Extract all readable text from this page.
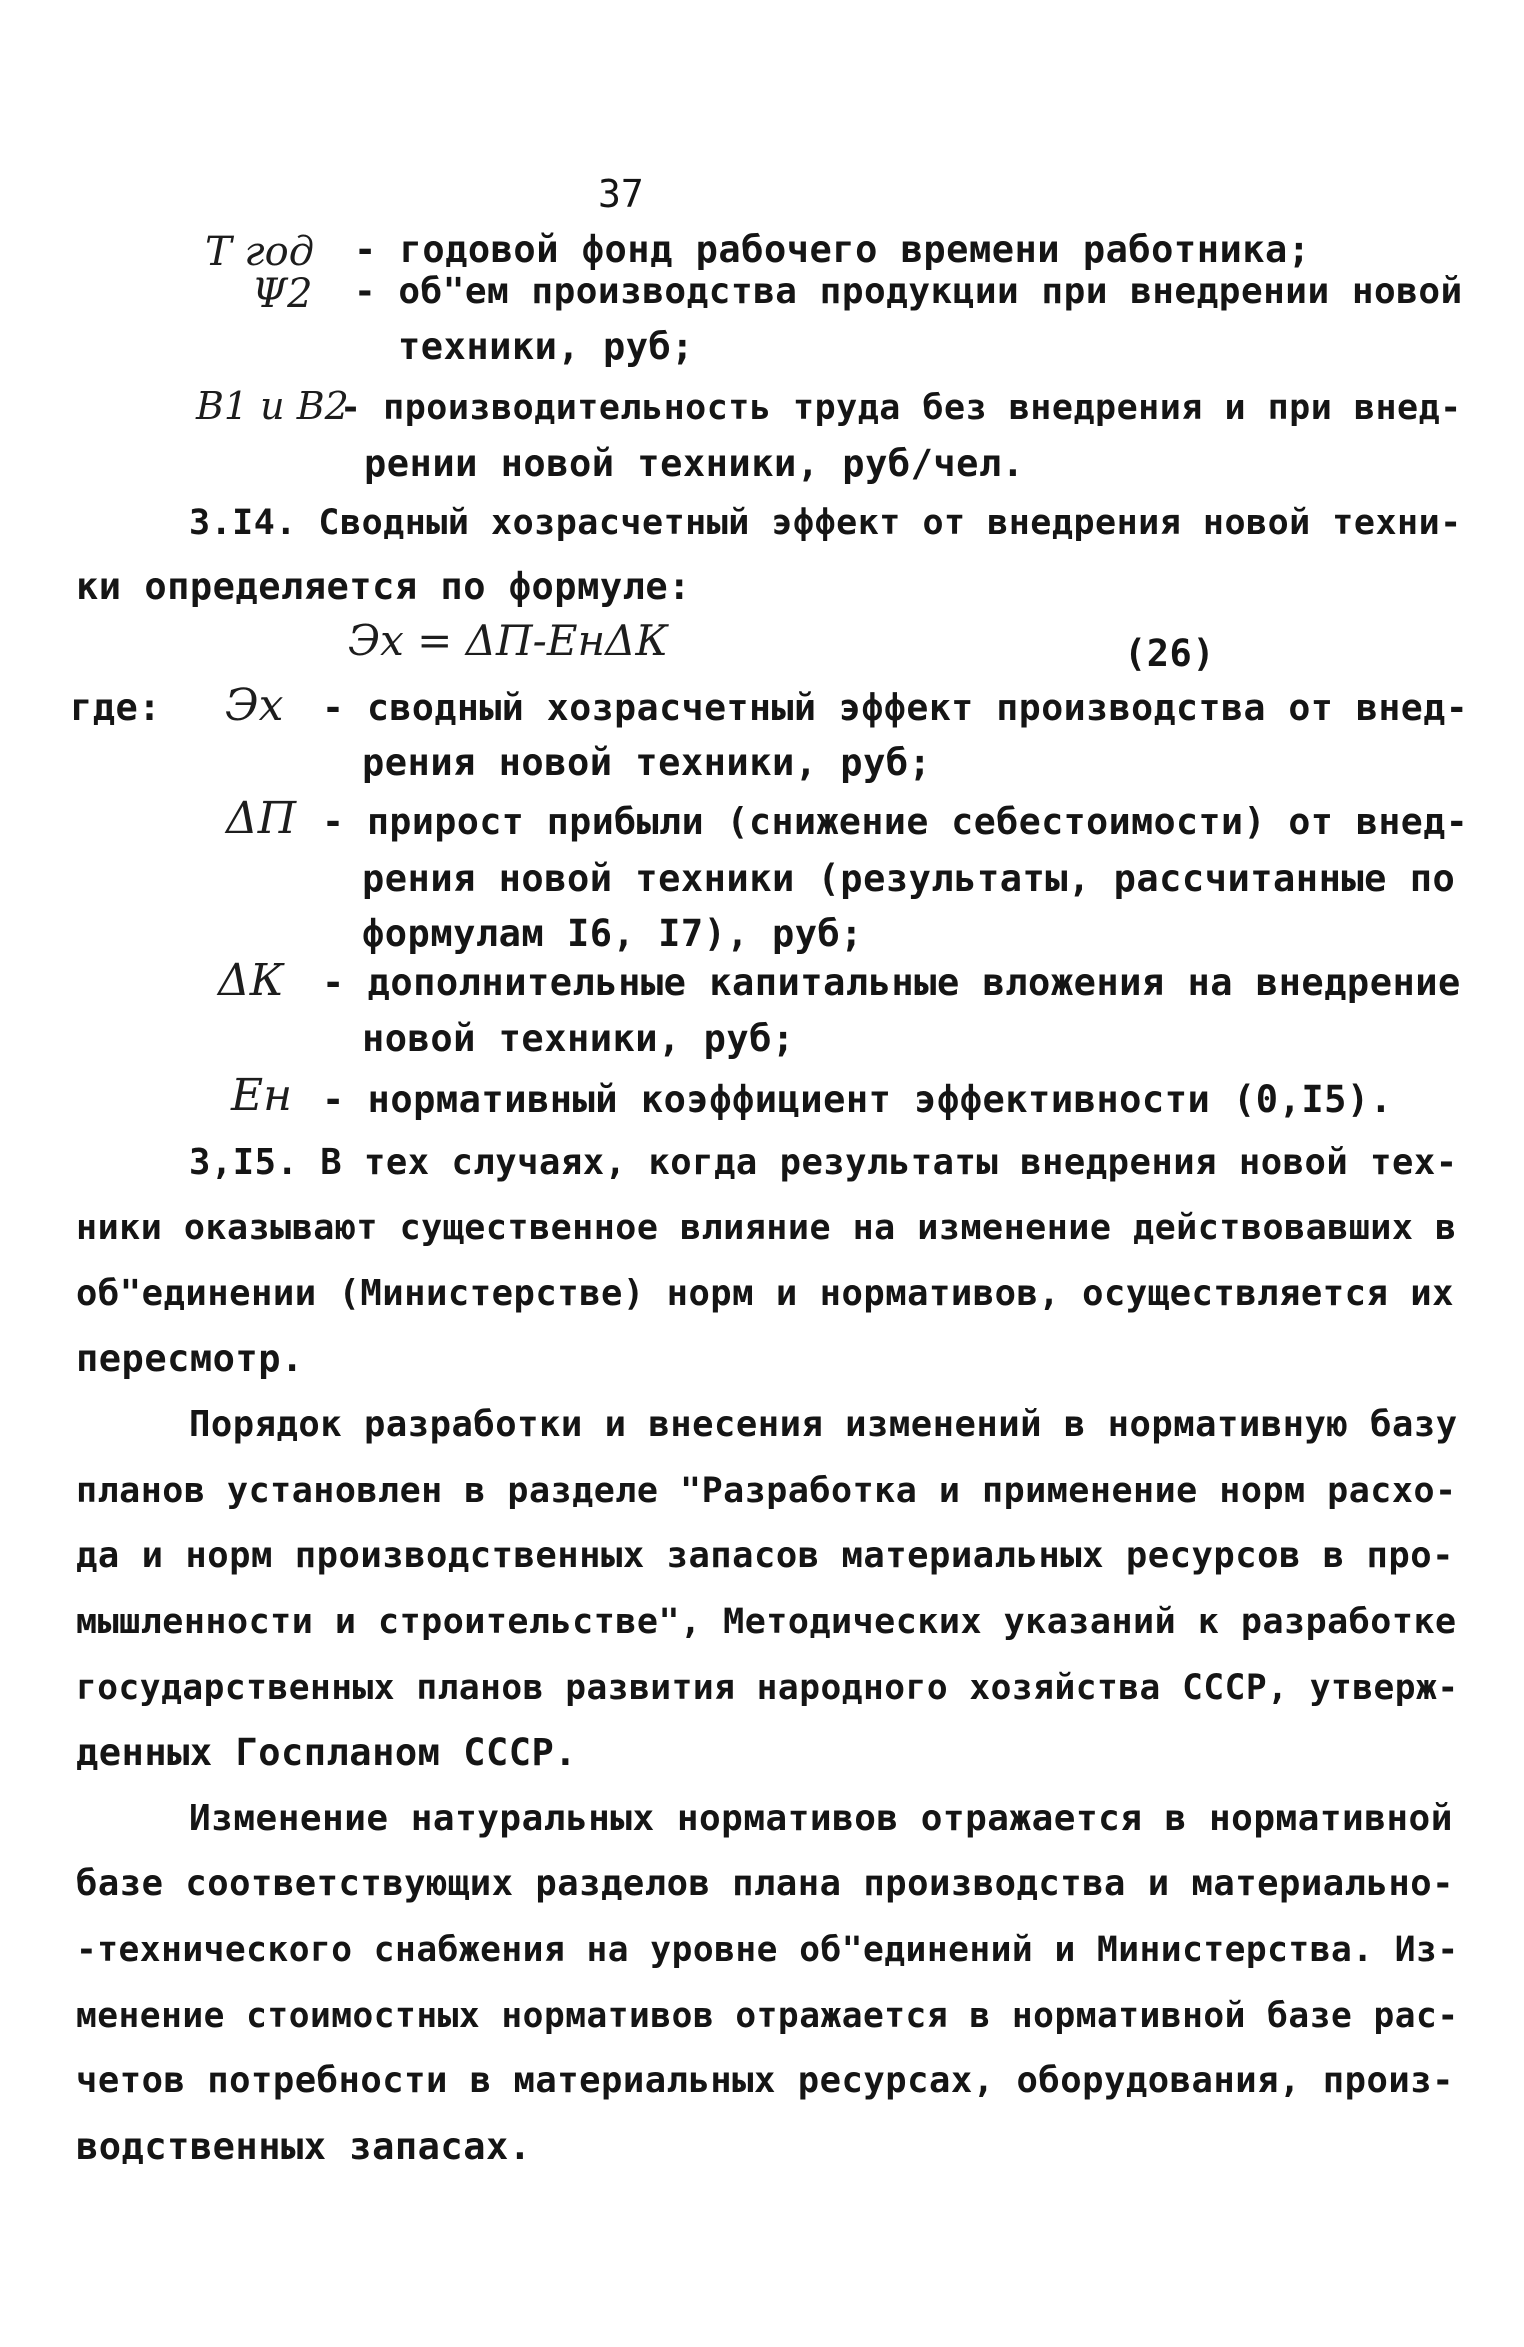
37
T год - годовой фонд рабочего времени работника;
Ψ2 - об"ем производства продукции при внедрении новой
техники, руб;
В1 и В2
- производительность труда без внедрения и при внед-
рении новой техники, руб/чел.
3.I4. Сводный хозрасчетный эффект от внедрения новой техни-
ки определяется по формуле:
Эх = ΔП-ЕнΔК	(26)
где: Эх - сводный хозрасчетный эффект производства от внед-
рения новой техники, руб;
ΔП - прирост прибыли (снижение себестоимости) от внед-
рения новой техники (результаты, рассчитанные по
формулам I6, I7), руб;
ΔК - дополнительные капитальные вложения на внедрение
новой техники, руб;
Ен - нормативный коэффициент эффективности (0,I5).
3,I5. В тех случаях, когда результаты внедрения новой тех-
ники оказывают существенное влияние на изменение действовавших в
об"единении (Министерстве) норм и нормативов, осуществляется их
пересмотр.
Порядок разработки и внесения изменений в нормативную базу
планов установлен в разделе "Разработка и применение норм расхо-
да и норм производственных запасов материальных ресурсов в про-
мышленности и строительстве", Методических указаний к разработке
государственных планов развития народного хозяйства СССР, утверж-
денных Госпланом СССР.
Изменение натуральных нормативов отражается в нормативной
базе соответствующих разделов плана производства и материально-
-технического снабжения на уровне об"единений и Министерства. Из-
менение стоимостных нормативов отражается в нормативной базе рас-
четов потребности в материальных ресурсах, оборудования, произ-
водственных запасах.
